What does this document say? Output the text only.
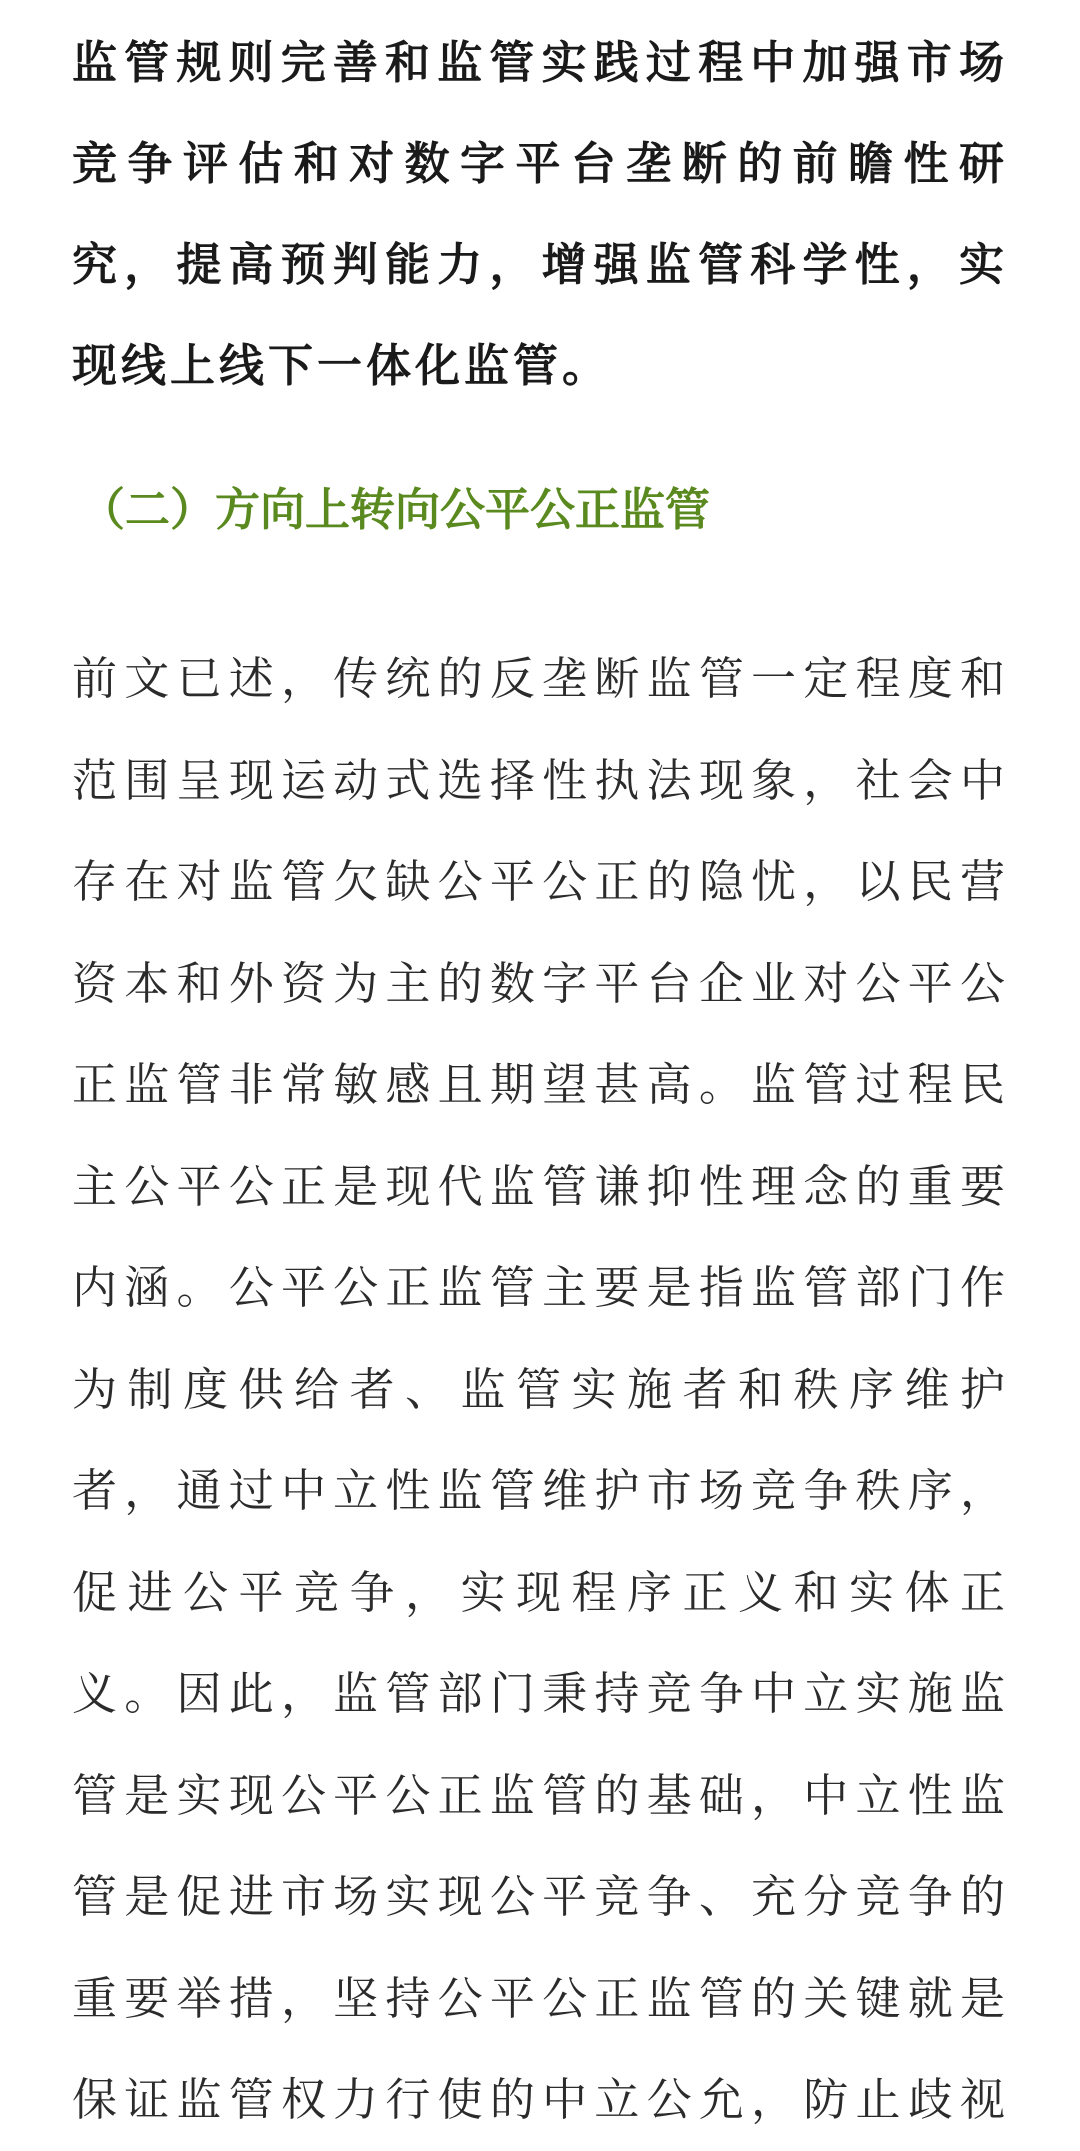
监管规则完善和监管实践过程中加强市场
竞争评估和对数字平台垄断的前瞻性研
究，提高预判能力，增强监管科学性，实
现线上线下一体化监管。
（二）方向上转向公平公正监管
前文已述，传统的反垄断监管一定程度和
范围呈现运动式选择性执法现象，社会中
存在对监管欠缺公平公正的隐忧，以民营
资本和外资为主的数字平台企业对公平公
正监管非常敏感且期望甚高。监管过程民
主公平公正是现代监管谦抑性理念的重要
内涵。公平公正监管主要是指监管部门作
为制度供给者、监管实施者和秩序维护
者，通过中立性监管维护市场竞争秩序，
促进公平竞争，实现程序正义和实体正
义。因此，监管部门秉持竞争中立实施监
管是实现公平公正监管的基础，中立性监
管是促进市场实现公平竞争、充分竞争的
重要举措，坚持公平公正监管的关键就是
保证监管权力行使的中立公允，防止歧视
